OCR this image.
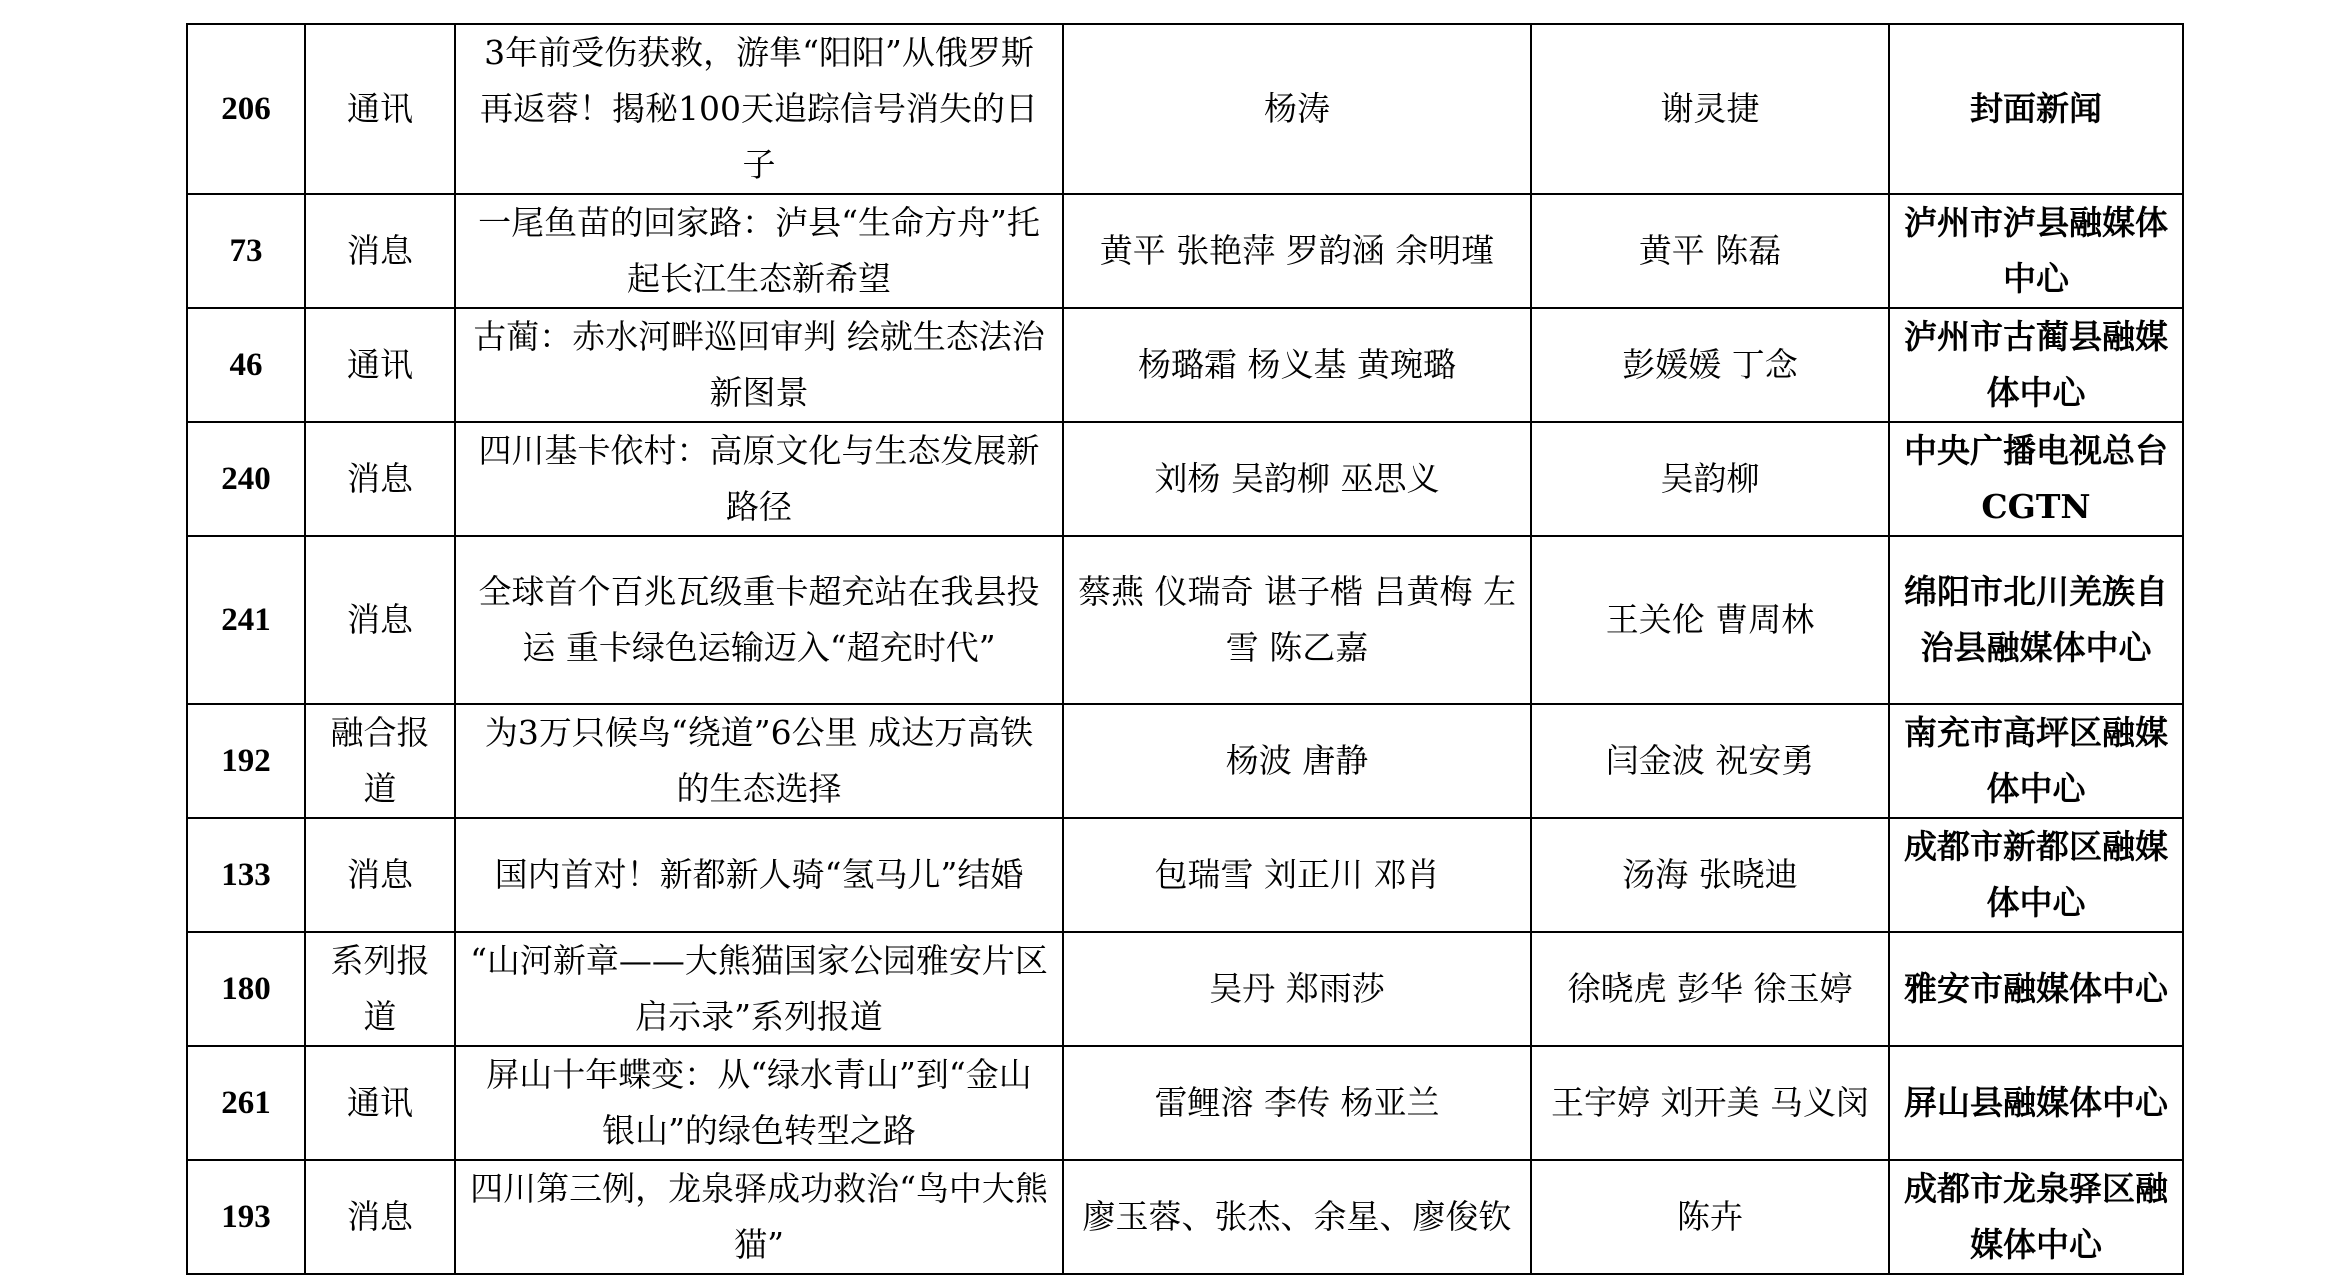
206	通讯	3年前受伤获救，游隼“阳阳”从俄罗斯再返蓉！揭秘100天追踪信号消失的日子	杨涛	谢灵捷	封面新闻
73	消息	一尾鱼苗的回家路：泸县“生命方舟”托起长江生态新希望	黄平 张艳萍 罗韵涵 余明瑾	黄平 陈磊	泸州市泸县融媒体中心
46	通讯	古蔺：赤水河畔巡回审判 绘就生态法治新图景	杨璐霜 杨义基 黄琬璐	彭媛媛 丁念	泸州市古蔺县融媒体中心
240	消息	四川基卡依村：高原文化与生态发展新路径	刘杨 吴韵柳 巫思义	吴韵柳	中央广播电视总台CGTN
241	消息	全球首个百兆瓦级重卡超充站在我县投运 重卡绿色运输迈入“超充时代”	蔡燕 仪瑞奇 谌子楷 吕黄梅 左雪 陈乙嘉	王关伦 曹周林	绵阳市北川羌族自治县融媒体中心
192	融合报道	为3万只候鸟“绕道”6公里 成达万高铁的生态选择	杨波 唐静	闫金波 祝安勇	南充市高坪区融媒体中心
133	消息	国内首对！新都新人骑“氢马儿”结婚	包瑞雪 刘正川 邓肖	汤海 张晓迪	成都市新都区融媒体中心
180	系列报道	“山河新章——大熊猫国家公园雅安片区启示录”系列报道	吴丹 郑雨莎	徐晓虎 彭华 徐玉婷	雅安市融媒体中心
261	通讯	屏山十年蝶变：从“绿水青山”到“金山银山”的绿色转型之路	雷鲤溶 李传 杨亚兰	王宇婷 刘开美 马义闵	屏山县融媒体中心
193	消息	四川第三例，龙泉驿成功救治“鸟中大熊猫”	廖玉蓉、张杰、余星、廖俊钦	陈卉	成都市龙泉驿区融媒体中心
